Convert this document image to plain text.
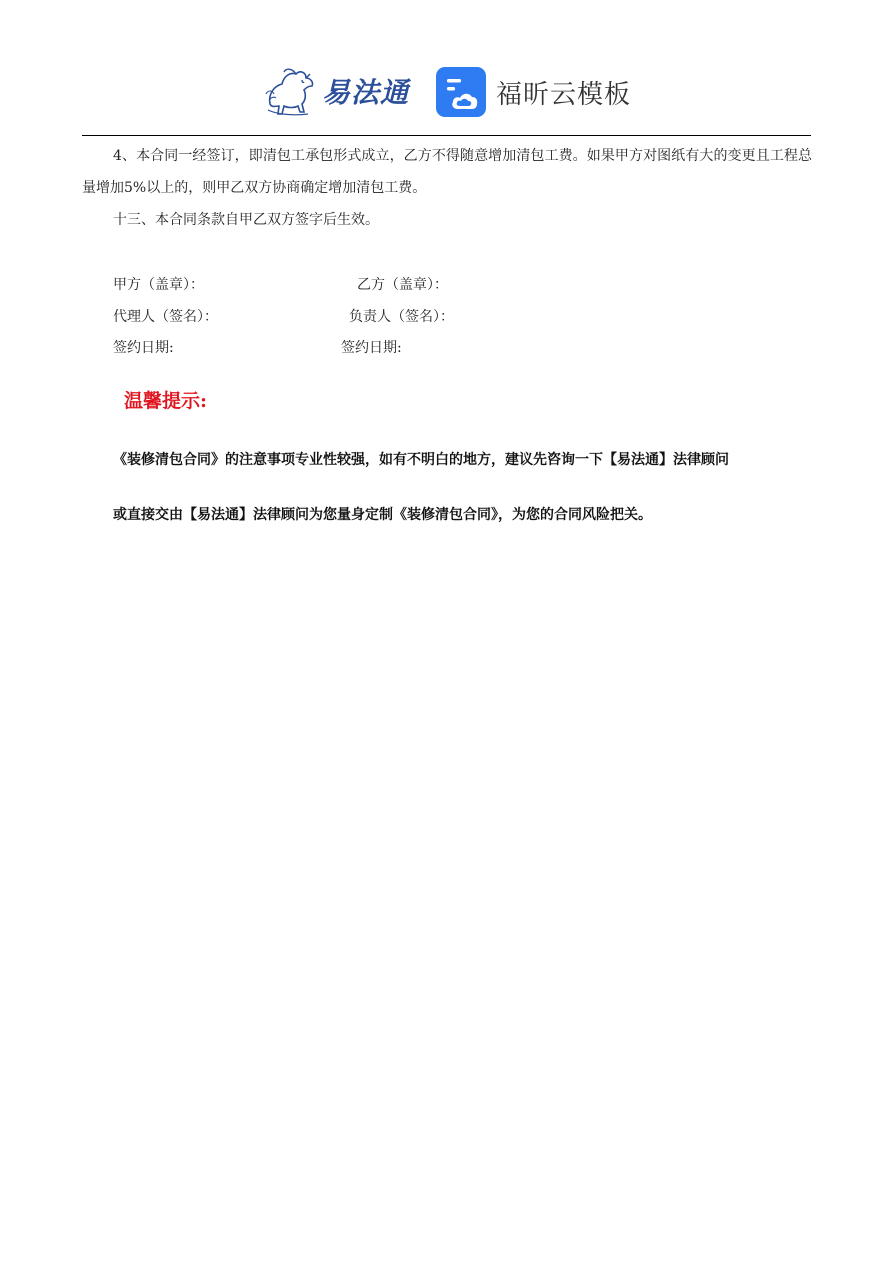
易法通	福昕云模板
4、本合同一经签订，即清包工承包形式成立，乙方不得随意增加清包工费。如果甲方对图纸有大的变更且工程总量增加5%以上的，则甲乙双方协商确定增加清包工费。
十三、本合同条款自甲乙双方签字后生效。
甲方（盖章）：	乙方（盖章）：
代理人（签名）：	负责人（签名）：
签约日期:	签约日期:
温馨提示:
《装修清包合同》的注意事项专业性较强，如有不明白的地方，建议先咨询一下【易法通】法律顾问
或直接交由【易法通】法律顾问为您量身定制《装修清包合同》，为您的合同风险把关。
